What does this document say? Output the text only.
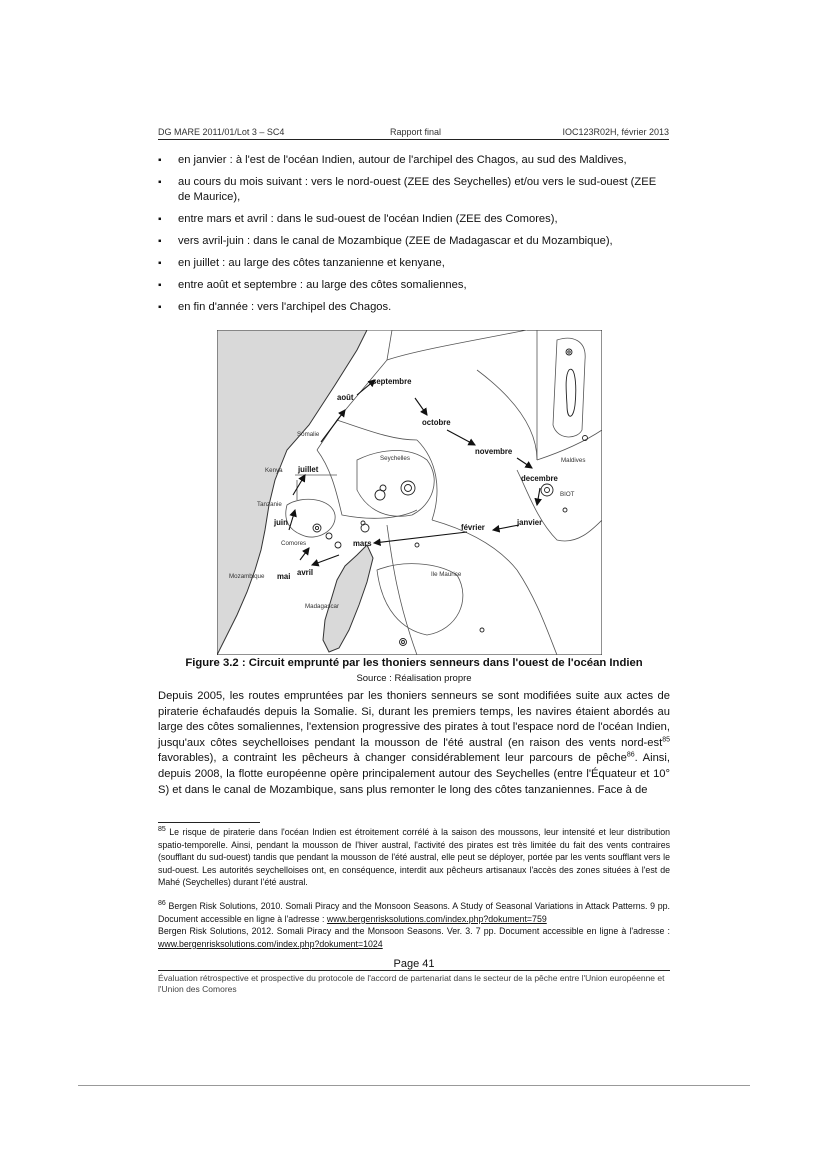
DG MARE 2011/01/Lot 3 – SC4	Rapport final	IOC123R02H, février 2013
▪ en janvier : à l'est de l'océan Indien, autour de l'archipel des Chagos, au sud des Maldives,
▪ au cours du mois suivant : vers le nord-ouest (ZEE des Seychelles) et/ou vers le sud-ouest (ZEE de Maurice),
▪ entre mars et avril : dans le sud-ouest de l'océan Indien (ZEE des Comores),
▪ vers avril-juin : dans le canal de Mozambique (ZEE de Madagascar et du Mozambique),
▪ en juillet : au large des côtes tanzanienne et kenyane,
▪ entre août et septembre : au large des côtes somaliennes,
▪ en fin d'année : vers l'archipel des Chagos.
septembre
août
octobre
novembre
decembre
janvier
février
mars
avril
mai
juin
juillet
Somalie
Kenya
Tanzanie
Seychelles
Comores
Mozambique
Madagascar
Ile Maurice
Maldives
BIOT
Figure 3.2 : Circuit emprunté par les thoniers senneurs dans l'ouest de l'océan Indien
Source : Réalisation propre

Depuis 2005, les routes empruntées par les thoniers senneurs se sont modifiées suite aux actes de piraterie échafaudés depuis la Somalie. Si, durant les premiers temps, les navires étaient abordés au large des côtes somaliennes, l'extension progressive des pirates à tout l'espace nord de l'océan Indien, jusqu'aux côtes seychelloises pendant la mousson de l'été austral (en raison des vents nord-est$^{85}$ favorables), a contraint les pêcheurs à changer considérablement leur parcours de pêche$^{86}$. Ainsi, depuis 2008, la flotte européenne opère principalement autour des Seychelles (entre l'Équateur et 10° S) et dans le canal de Mozambique, sans plus remonter le long des côtes tanzaniennes. Face à de

$^{85}$ Le risque de piraterie dans l'océan Indien est étroitement corrélé à la saison des moussons, leur intensité et leur distribution spatio-temporelle. Ainsi, pendant la mousson de l'hiver austral, l'activité des pirates est très limitée du fait des vents contraires (soufflant du sud-ouest) tandis que pendant la mousson de l'été austral, elle peut se déployer, portée par les vents soufflant vers le sud-ouest. Les autorités seychelloises ont, en conséquence, interdit aux pêcheurs artisanaux l'accès des zones situées à l'est de Mahé (Seychelles) durant l'été austral.

$^{86}$ Bergen Risk Solutions, 2010. Somali Piracy and the Monsoon Seasons. A Study of Seasonal Variations in Attack Patterns. 9 pp. Document accessible en ligne à l'adresse : www.bergenrisksolutions.com/index.php?dokument=759
Bergen Risk Solutions, 2012. Somali Piracy and the Monsoon Seasons. Ver. 3. 7 pp. Document accessible en ligne à l'adresse : www.bergenrisksolutions.com/index.php?dokument=1024

Page 41

Évaluation rétrospective et prospective du protocole de l'accord de partenariat dans le secteur de la pêche entre l'Union européenne et l'Union des Comores
